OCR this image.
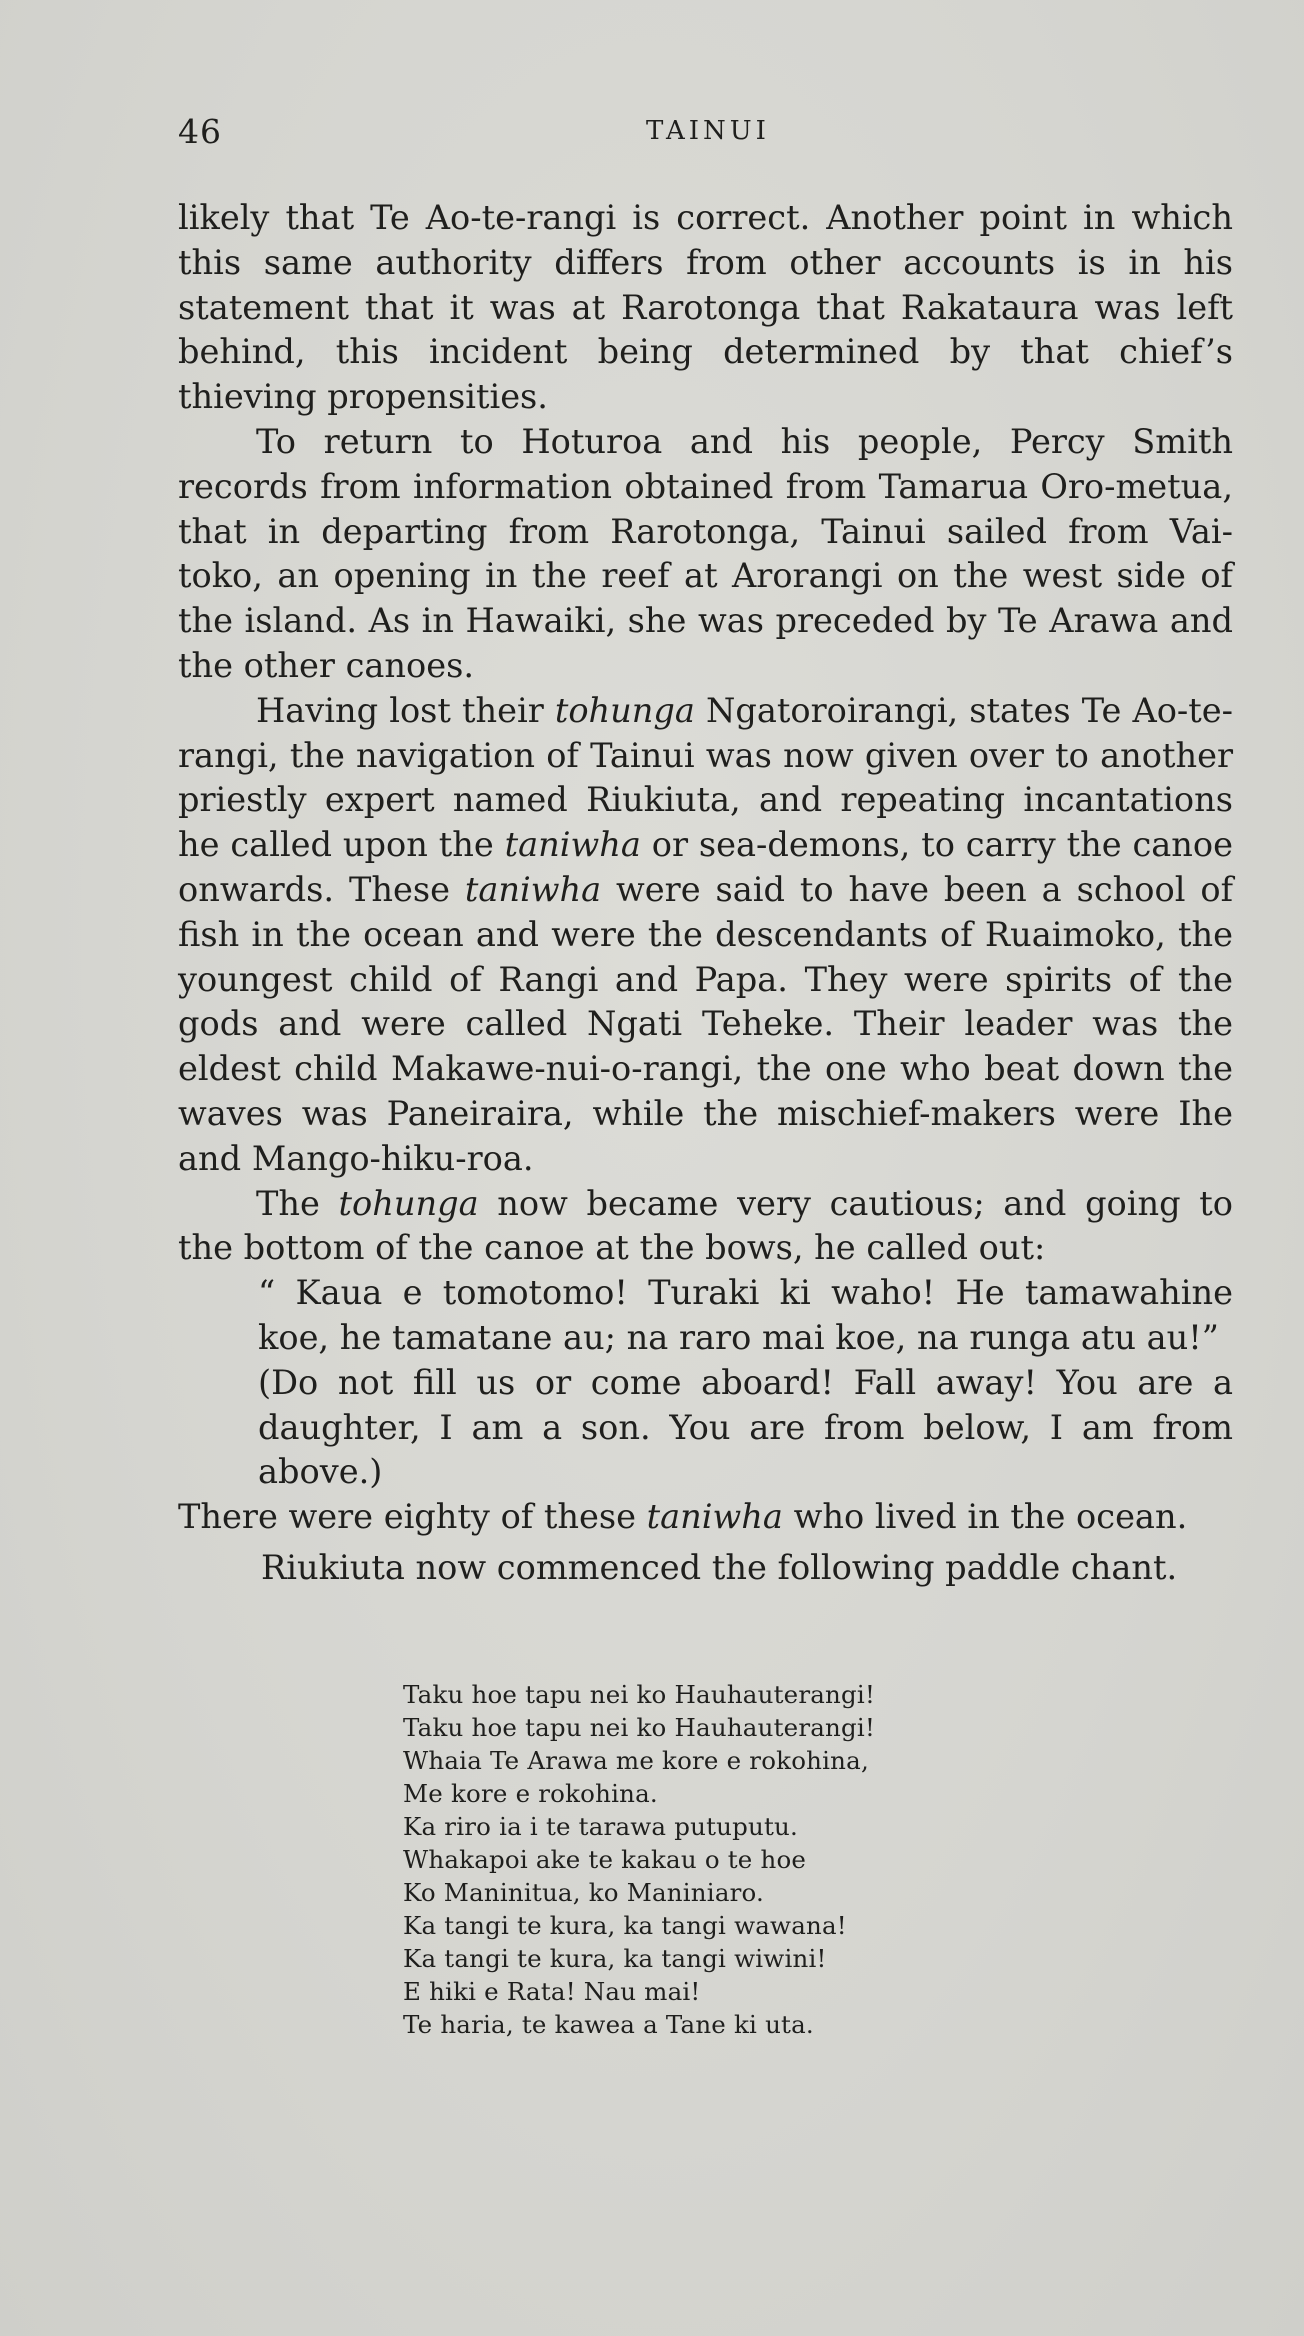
46	TAINUI

likely that Te Ao-te-rangi is correct. Another point in which this same authority differs from other accounts is in his statement that it was at Rarotonga that Rakataura was left behind, this incident being determined by that chief’s thieving propensities.

To return to Hoturoa and his people, Percy Smith records from information obtained from Tamarua Oro-metua, that in departing from Rarotonga, Tainui sailed from Vai-toko, an opening in the reef at Arorangi on the west side of the island. As in Hawaiki, she was preceded by Te Arawa and the other canoes.

Having lost their tohunga Ngatoroirangi, states Te Ao-te-rangi, the navigation of Tainui was now given over to another priestly expert named Riukiuta, and repeating incantations he called upon the taniwha or sea-demons, to carry the canoe onwards. These taniwha were said to have been a school of fish in the ocean and were the descendants of Ruaimoko, the youngest child of Rangi and Papa. They were spirits of the gods and were called Ngati Teheke. Their leader was the eldest child Makawe-nui-o-rangi, the one who beat down the waves was Paneiraira, while the mischief-makers were Ihe and Mango-hiku-roa.

The tohunga now became very cautious; and going to the bottom of the canoe at the bows, he called out:

“ Kaua e tomotomo! Turaki ki waho! He tamawahine koe, he tamatane au; na raro mai koe, na runga atu au!”

(Do not fill us or come aboard! Fall away! You are a daughter, I am a son. You are from below, I am from above.)

There were eighty of these taniwha who lived in the ocean.

Riukiuta now commenced the following paddle chant.

Taku hoe tapu nei ko Hauhauterangi!
Taku hoe tapu nei ko Hauhauterangi!
Whaia Te Arawa me kore e rokohina,
Me kore e rokohina.
Ka riro ia i te tarawa putuputu.
Whakapoi ake te kakau o te hoe
Ko Maninitua, ko Maniniaro.
Ka tangi te kura, ka tangi wawana!
Ka tangi te kura, ka tangi wiwini!
E hiki e Rata! Nau mai!
Te haria, te kawea a Tane ki uta.
